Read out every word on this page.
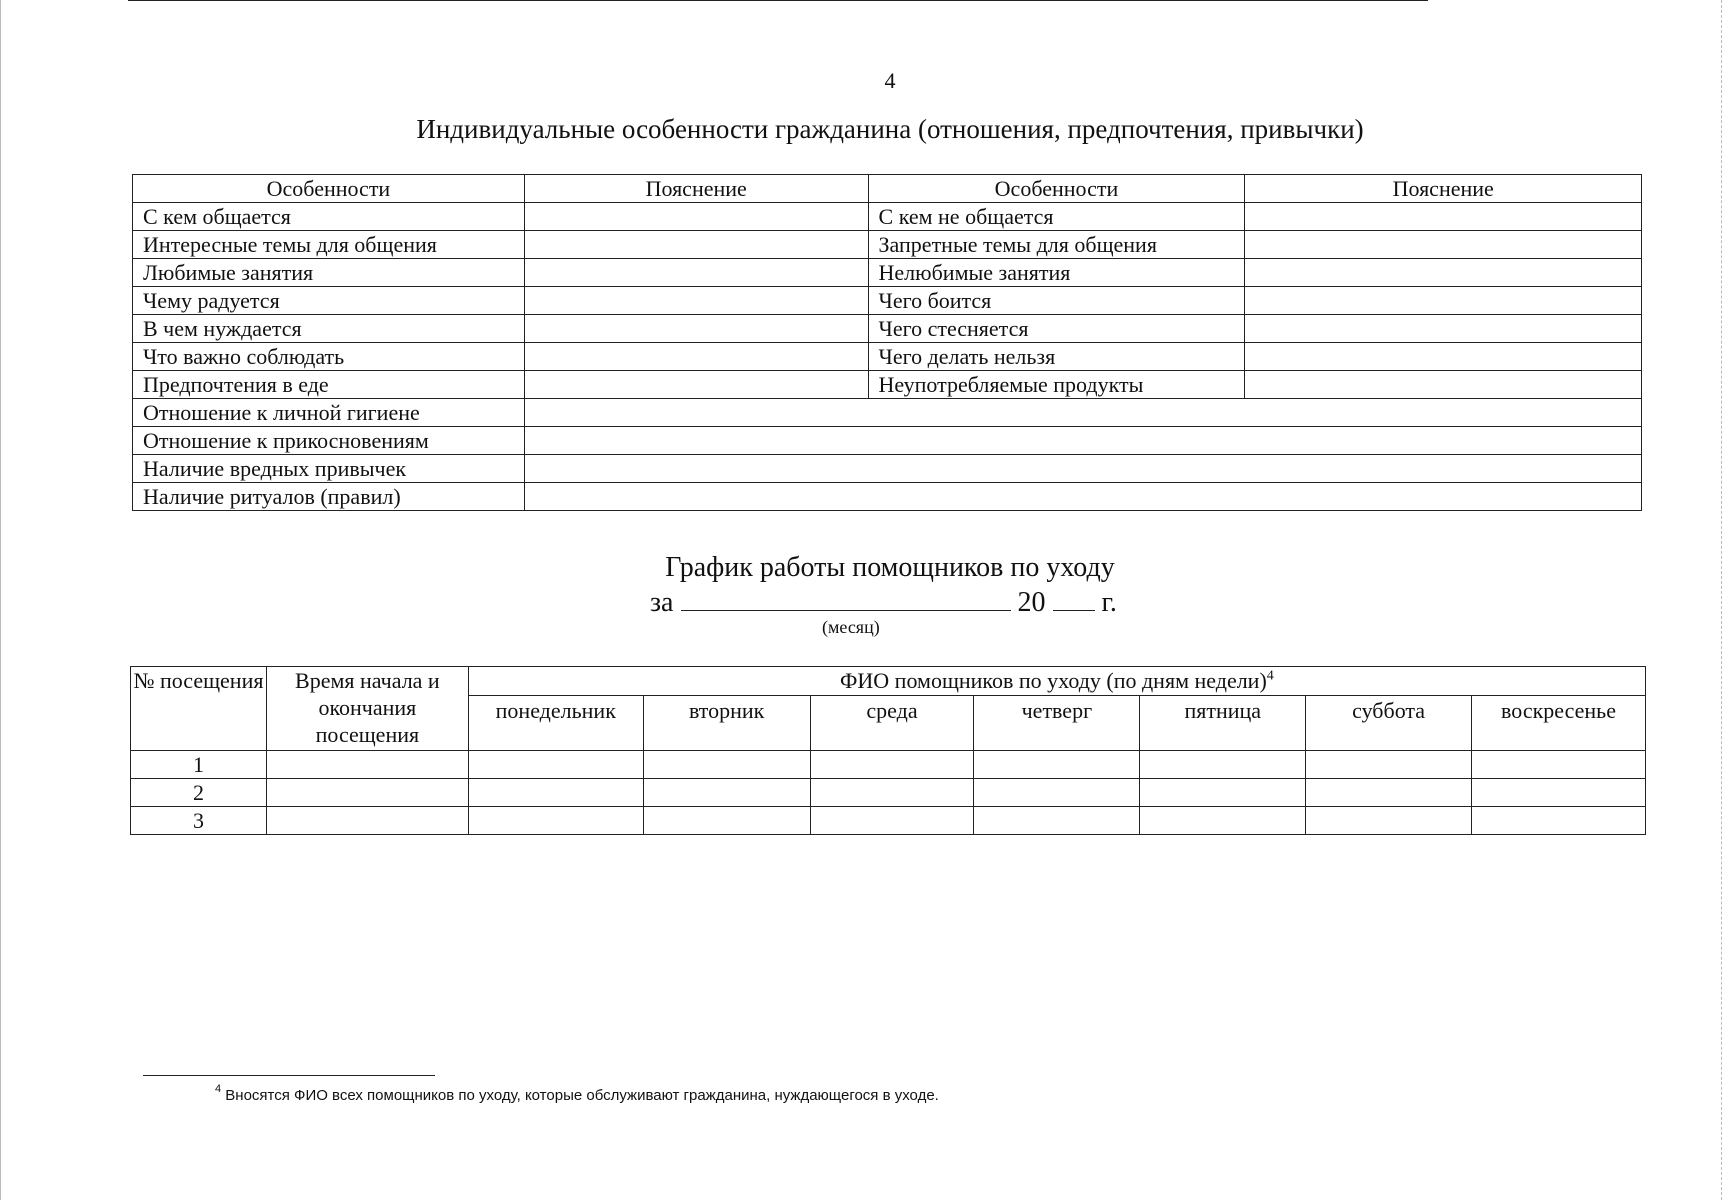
4
Индивидуальные особенности гражданина (отношения, предпочтения, привычки)
Особенности	Пояснение	Особенности	Пояснение
С кем общается		С кем не общается	
Интересные темы для общения		Запретные темы для общения	
Любимые занятия		Нелюбимые занятия	
Чему радуется		Чего боится	
В чем нуждается		Чего стесняется	
Что важно соблюдать		Чего делать нельзя	
Предпочтения в еде		Неупотребляемые продукты	
Отношение к личной гигиене			
Отношение к прикосновениям			
Наличие вредных привычек			
Наличие ритуалов (правил)			
График работы помощников по уходу
за	20 г.
(месяц)
№ посещения	Время начала и окончания посещения	ФИО помощников по уходу (по дням недели)$^4$
		понедельник	вторник	среда	четверг	пятница	суббота	воскресенье
1								
2								
3								
$^4$ Вносятся ФИО всех помощников по уходу, которые обслуживают гражданина, нуждающегося в уходе.
